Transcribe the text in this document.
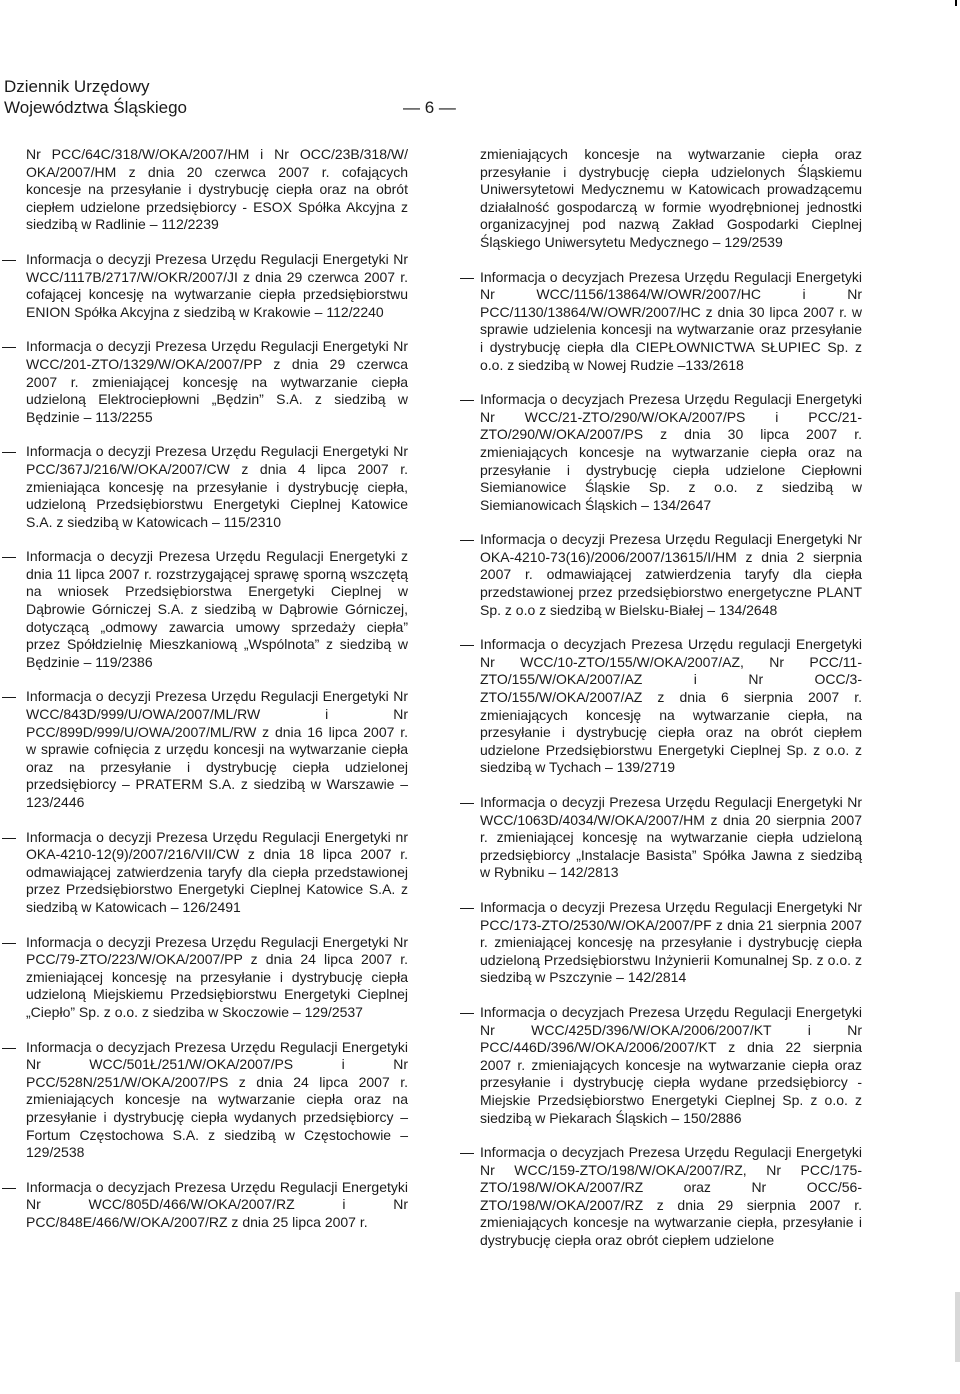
Dziennik Urzędowy
Województwa Śląskiego	— 6 —
Nr PCC/64C/318/W/OKA/2007/HM i Nr OCC/23B/318/W/ OKA/2007/HM z dnia 20 czerwca 2007 r. cofających koncesje na przesyłanie i dystrybucję ciepła oraz na obrót ciepłem udzielone przedsiębiorcy - ESOX Spółka Akcyjna z siedzibą w Radlinie – 112/2239
Informacja o decyzji Prezesa Urzędu Regulacji Energetyki Nr WCC/1117B/2717/W/OKR/2007/JI z dnia 29 czerwca 2007 r. cofającej koncesję na wytwarzanie ciepła przedsiębiorstwu ENION Spółka Akcyjna z siedzibą w Krakowie – 112/2240
Informacja o decyzji Prezesa Urzędu Regulacji Energetyki Nr WCC/201-ZTO/1329/W/OKA/2007/PP z dnia 29 czerwca 2007 r. zmieniającej koncesję na wytwarzanie ciepła udzieloną Elektrociepłowni „Będzin” S.A. z siedzibą w Będzinie – 113/2255
Informacja o decyzji Prezesa Urzędu Regulacji Energetyki Nr PCC/367J/216/W/OKA/2007/CW z dnia 4 lipca 2007 r. zmieniająca koncesję na przesyłanie i dystrybucję ciepła, udzieloną Przedsiębiorstwu Energetyki Cieplnej Katowice S.A. z siedzibą w Katowicach – 115/2310
Informacja o decyzji Prezesa Urzędu Regulacji Energetyki z dnia 11 lipca 2007 r. rozstrzygającej sprawę sporną wszczętą na wniosek Przedsiębiorstwa Energetyki Cieplnej w Dąbrowie Górniczej S.A. z siedzibą w Dąbrowie Górniczej, dotyczącą „odmowy zawarcia umowy sprzedaży ciepła” przez Spółdzielnię Mieszkaniową „Wspólnota” z siedzibą w Będzinie – 119/2386
Informacja o decyzji Prezesa Urzędu Regulacji Energetyki Nr WCC/843D/999/U/OWA/2007/ML/RW i Nr PCC/899D/999/U/OWA/2007/ML/RW z dnia 16 lipca 2007 r. w sprawie cofnięcia z urzędu koncesji na wytwarzanie ciepła oraz na przesyłanie i dystrybucję ciepła udzielonej przedsiębiorcy – PRATERM S.A. z siedzibą w Warszawie – 123/2446
Informacja o decyzji Prezesa Urzędu Regulacji Energetyki nr OKA-4210-12(9)/2007/216/VII/CW z dnia 18 lipca 2007 r. odmawiającej zatwierdzenia taryfy dla ciepła przedstawionej przez Przedsiębiorstwo Energetyki Cieplnej Katowice S.A. z siedzibą w Katowicach – 126/2491
Informacja o decyzji Prezesa Urzędu Regulacji Energetyki Nr PCC/79-ZTO/223/W/OKA/2007/PP z dnia 24 lipca 2007 r. zmieniającej koncesję na przesyłanie i dystrybucję ciepła udzieloną Miejskiemu Przedsiębiorstwu Energetyki Cieplnej „Ciepło” Sp. z o.o. z siedziba w Skoczowie – 129/2537
Informacja o decyzjach Prezesa Urzędu Regulacji Energetyki Nr WCC/501Ł/251/W/OKA/2007/PS i Nr PCC/528N/251/W/OKA/2007/PS z dnia 24 lipca 2007 r. zmieniających koncesje na wytwarzanie ciepła oraz na przesyłanie i dystrybucję ciepła wydanych przedsiębiorcy – Fortum Częstochowa S.A. z siedzibą w Częstochowie – 129/2538
Informacja o decyzjach Prezesa Urzędu Regulacji Energetyki Nr WCC/805D/466/W/OKA/2007/RZ i Nr PCC/848E/466/W/OKA/2007/RZ z dnia 25 lipca 2007 r.
zmieniających koncesje na wytwarzanie ciepła oraz przesyłanie i dystrybucję ciepła udzielonych Śląskiemu Uniwersytetowi Medycznemu w Katowicach prowadzącemu działalność gospodarczą w formie wyodrębnionej jednostki organizacyjnej pod nazwą Zakład Gospodarki Cieplnej Śląskiego Uniwersytetu Medycznego – 129/2539
Informacja o decyzjach Prezesa Urzędu Regulacji Energetyki Nr WCC/1156/13864/W/OWR/2007/HC i Nr PCC/1130/13864/W/OWR/2007/HC z dnia 30 lipca 2007 r. w sprawie udzielenia koncesji na wytwarzanie oraz przesyłanie i dystrybucję ciepła dla CIEPŁOWNICTWA SŁUPIEC Sp. z o.o. z siedzibą w Nowej Rudzie –133/2618
Informacja o decyzjach Prezesa Urzędu Regulacji Energetyki Nr WCC/21-ZTO/290/W/OKA/2007/PS i PCC/21-ZTO/290/W/OKA/2007/PS z dnia 30 lipca 2007 r. zmieniających koncesje na wytwarzanie ciepła oraz na przesyłanie i dystrybucję ciepła udzielone Ciepłowni Siemianowice Śląskie Sp. z o.o. z siedzibą w Siemianowicach Śląskich – 134/2647
Informacja o decyzji Prezesa Urzędu Regulacji Energetyki Nr OKA-4210-73(16)/2006/2007/13615/I/HM z dnia 2 sierpnia 2007 r. odmawiającej zatwierdzenia taryfy dla ciepła przedstawionej przez przedsiębiorstwo energetyczne PLANT Sp. z o.o z siedzibą w Bielsku-Białej – 134/2648
Informacja o decyzjach Prezesa Urzędu regulacji Energetyki Nr WCC/10-ZTO/155/W/OKA/2007/AZ, Nr PCC/11-ZTO/155/W/OKA/2007/AZ i Nr OCC/3-ZTO/155/W/OKA/2007/AZ z dnia 6 sierpnia 2007 r. zmieniających koncesję na wytwarzanie ciepła, na przesyłanie i dystrybucję ciepła oraz na obrót ciepłem udzielone Przedsiębiorstwu Energetyki Cieplnej Sp. z o.o. z siedzibą w Tychach – 139/2719
Informacja o decyzji Prezesa Urzędu Regulacji Energetyki Nr WCC/1063D/4034/W/OKA/2007/HM z dnia 20 sierpnia 2007 r. zmieniającej koncesję na wytwarzanie ciepła udzieloną przedsiębiorcy „Instalacje Basista” Spółka Jawna z siedzibą w Rybniku – 142/2813
Informacja o decyzji Prezesa Urzędu Regulacji Energetyki Nr PCC/173-ZTO/2530/W/OKA/2007/PF z dnia 21 sierpnia 2007 r. zmieniającej koncesję na przesyłanie i dystrybucję ciepła udzieloną Przedsiębiorstwu Inżynierii Komunalnej Sp. z o.o. z siedzibą w Pszczynie – 142/2814
Informacja o decyzjach Prezesa Urzędu Regulacji Energetyki Nr WCC/425D/396/W/OKA/2006/2007/KT i Nr PCC/446D/396/W/OKA/2006/2007/KT z dnia 22 sierpnia 2007 r. zmieniających koncesje na wytwarzanie ciepła oraz przesyłanie i dystrybucję ciepła wydane przedsiębiorcy - Miejskie Przedsiębiorstwo Energetyki Cieplnej Sp. z o.o. z siedzibą w Piekarach Śląskich – 150/2886
Informacja o decyzjach Prezesa Urzędu Regulacji Energetyki Nr WCC/159-ZTO/198/W/OKA/2007/RZ, Nr PCC/175-ZTO/198/W/OKA/2007/RZ oraz Nr OCC/56-ZTO/198/W/OKA/2007/RZ z dnia 29 sierpnia 2007 r. zmieniających koncesje na wytwarzanie ciepła, przesyłanie i dystrybucję ciepła oraz obrót ciepłem udzielone
